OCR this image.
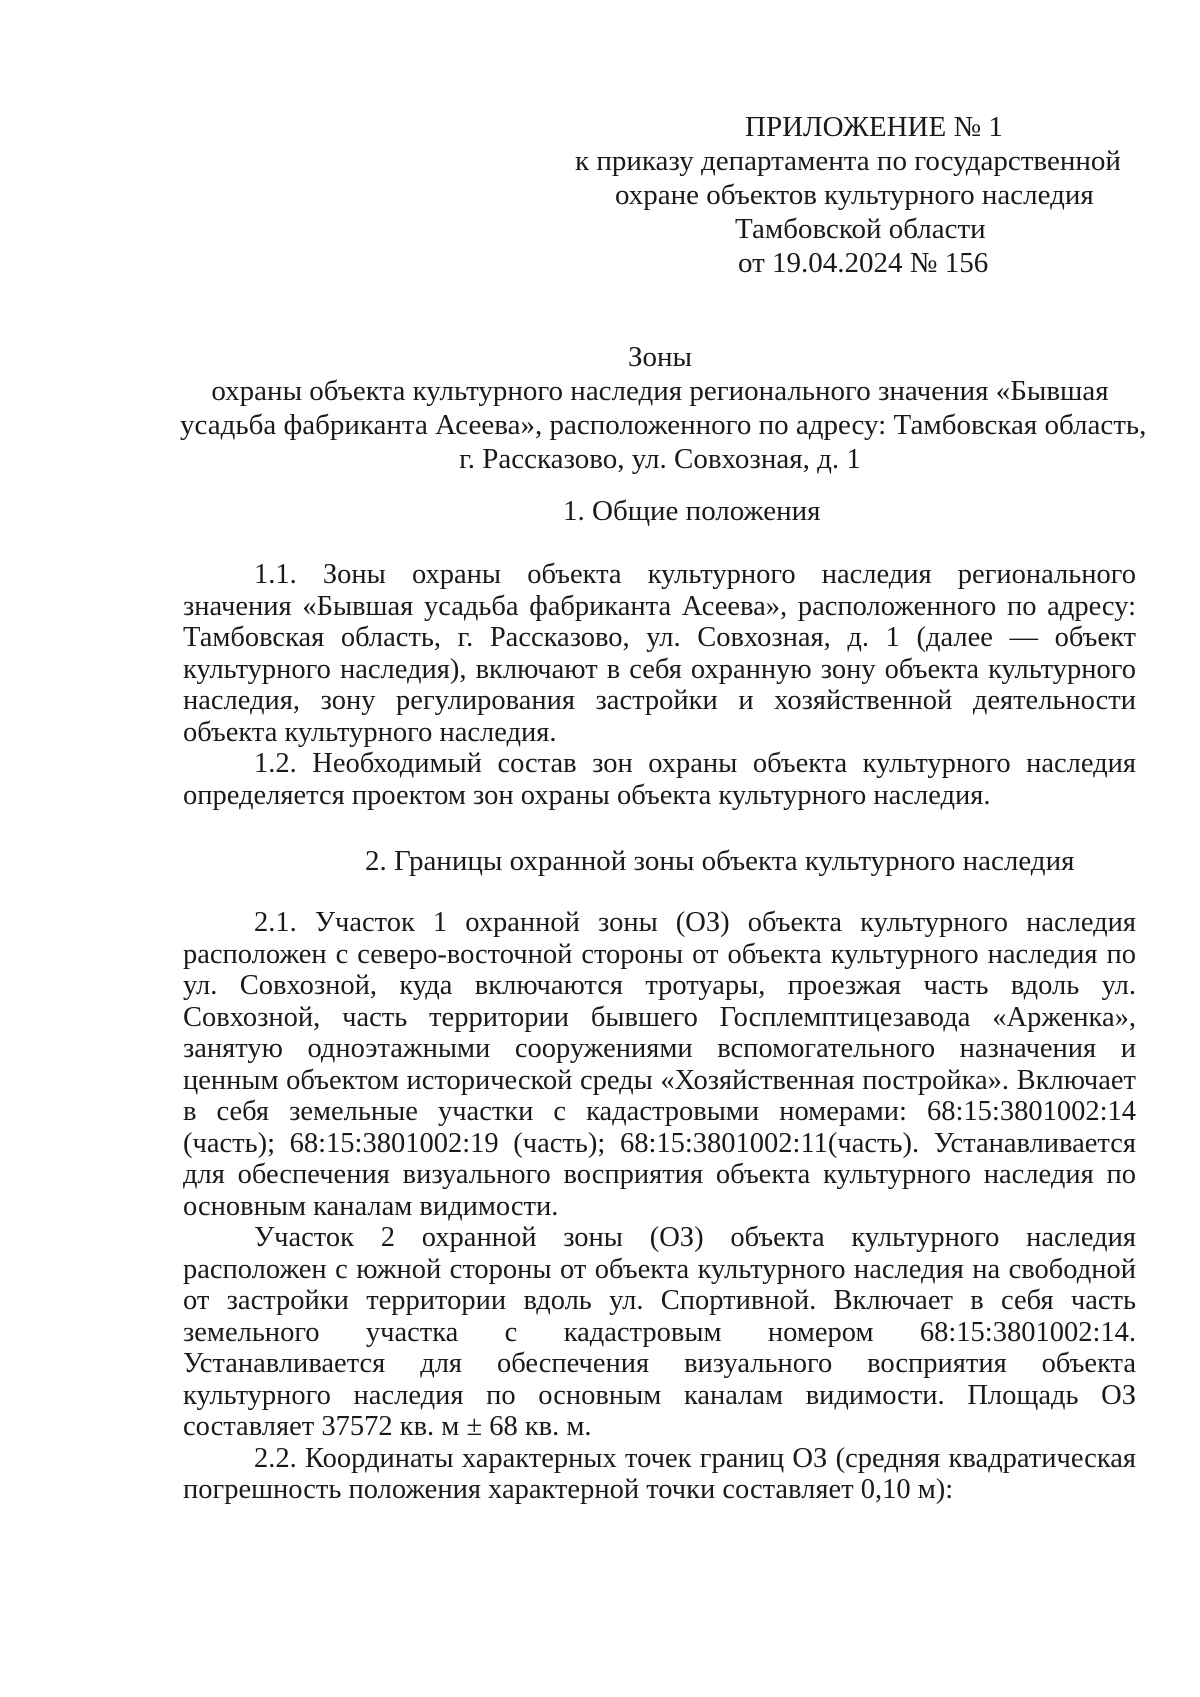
ПРИЛОЖЕНИЕ № 1
к приказу департамента по государственной
охране объектов культурного наследия
Тамбовской области
от 19.04.2024 № 156
Зоны
охраны объекта культурного наследия регионального значения «Бывшая
усадьба фабриканта Асеева», расположенного по адресу: Тамбовская область,
г. Рассказово, ул. Совхозная, д. 1
1. Общие положения

1.1. Зоны охраны объекта культурного наследия регионального значения «Бывшая усадьба фабриканта Асеева», расположенного по адресу: Тамбовская область, г. Рассказово, ул. Совхозная, д. 1 (далее — объект культурного наследия), включают в себя охранную зону объекта культурного наследия, зону регулирования застройки и хозяйственной деятельности объекта культурного наследия.

1.2. Необходимый состав зон охраны объекта культурного наследия определяется проектом зон охраны объекта культурного наследия.

2. Границы охранной зоны объекта культурного наследия

2.1. Участок 1 охранной зоны (ОЗ) объекта культурного наследия расположен с северо-восточной стороны от объекта культурного наследия по ул. Совхозной, куда включаются тротуары, проезжая часть вдоль ул. Совхозной, часть территории бывшего Госплемптицезавода «Арженка», занятую одноэтажными сооружениями вспомогательного назначения и ценным объектом исторической среды «Хозяйственная постройка». Включает в себя земельные участки с кадастровыми номерами: 68:15:3801002:14 (часть); 68:15:3801002:19 (часть); 68:15:3801002:11(часть). Устанавливается для обеспечения визуального восприятия объекта культурного наследия по основным каналам видимости.

Участок 2 охранной зоны (ОЗ) объекта культурного наследия расположен с южной стороны от объекта культурного наследия на свободной от застройки территории вдоль ул. Спортивной. Включает в себя часть земельного участка с кадастровым номером 68:15:3801002:14. Устанавливается для обеспечения визуального восприятия объекта культурного наследия по основным каналам видимости. Площадь ОЗ составляет 37572 кв. м ± 68 кв. м.

2.2. Координаты характерных точек границ ОЗ (средняя квадратическая погрешность положения характерной точки составляет 0,10 м):
